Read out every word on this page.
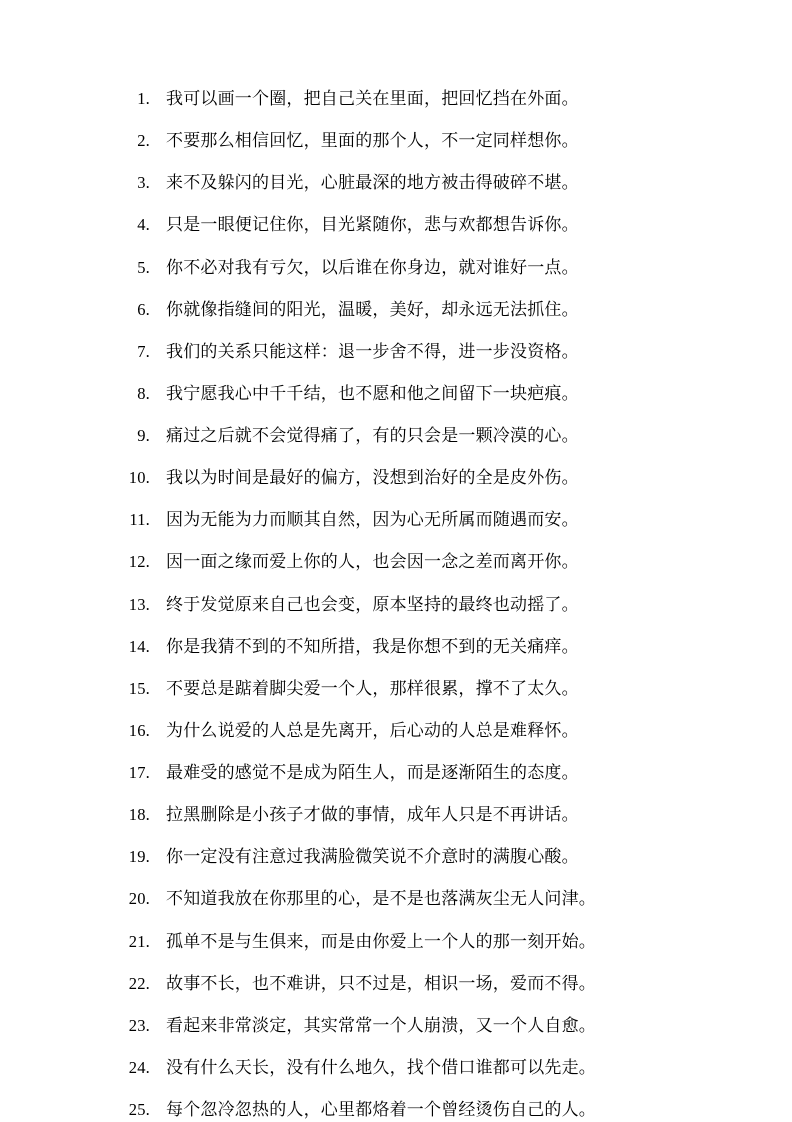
1. 我可以画一个圈，把自己关在里面，把回忆挡在外面。
2. 不要那么相信回忆，里面的那个人，不一定同样想你。
3. 来不及躲闪的目光，心脏最深的地方被击得破碎不堪。
4. 只是一眼便记住你，目光紧随你，悲与欢都想告诉你。
5. 你不必对我有亏欠，以后谁在你身边，就对谁好一点。
6. 你就像指缝间的阳光，温暖，美好，却永远无法抓住。
7. 我们的关系只能这样：退一步舍不得，进一步没资格。
8. 我宁愿我心中千千结，也不愿和他之间留下一块疤痕。
9. 痛过之后就不会觉得痛了，有的只会是一颗冷漠的心。
10. 我以为时间是最好的偏方，没想到治好的全是皮外伤。
11. 因为无能为力而顺其自然，因为心无所属而随遇而安。
12. 因一面之缘而爱上你的人，也会因一念之差而离开你。
13. 终于发觉原来自己也会变，原本坚持的最终也动摇了。
14. 你是我猜不到的不知所措，我是你想不到的无关痛痒。
15. 不要总是踮着脚尖爱一个人，那样很累，撑不了太久。
16. 为什么说爱的人总是先离开，后心动的人总是难释怀。
17. 最难受的感觉不是成为陌生人，而是逐渐陌生的态度。
18. 拉黑删除是小孩子才做的事情，成年人只是不再讲话。
19. 你一定没有注意过我满脸微笑说不介意时的满腹心酸。
20. 不知道我放在你那里的心，是不是也落满灰尘无人问津。
21. 孤单不是与生俱来，而是由你爱上一个人的那一刻开始。
22. 故事不长，也不难讲，只不过是，相识一场，爱而不得。
23. 看起来非常淡定，其实常常一个人崩溃，又一个人自愈。
24. 没有什么天长，没有什么地久，找个借口谁都可以先走。
25. 每个忽冷忽热的人，心里都烙着一个曾经烫伤自己的人。
